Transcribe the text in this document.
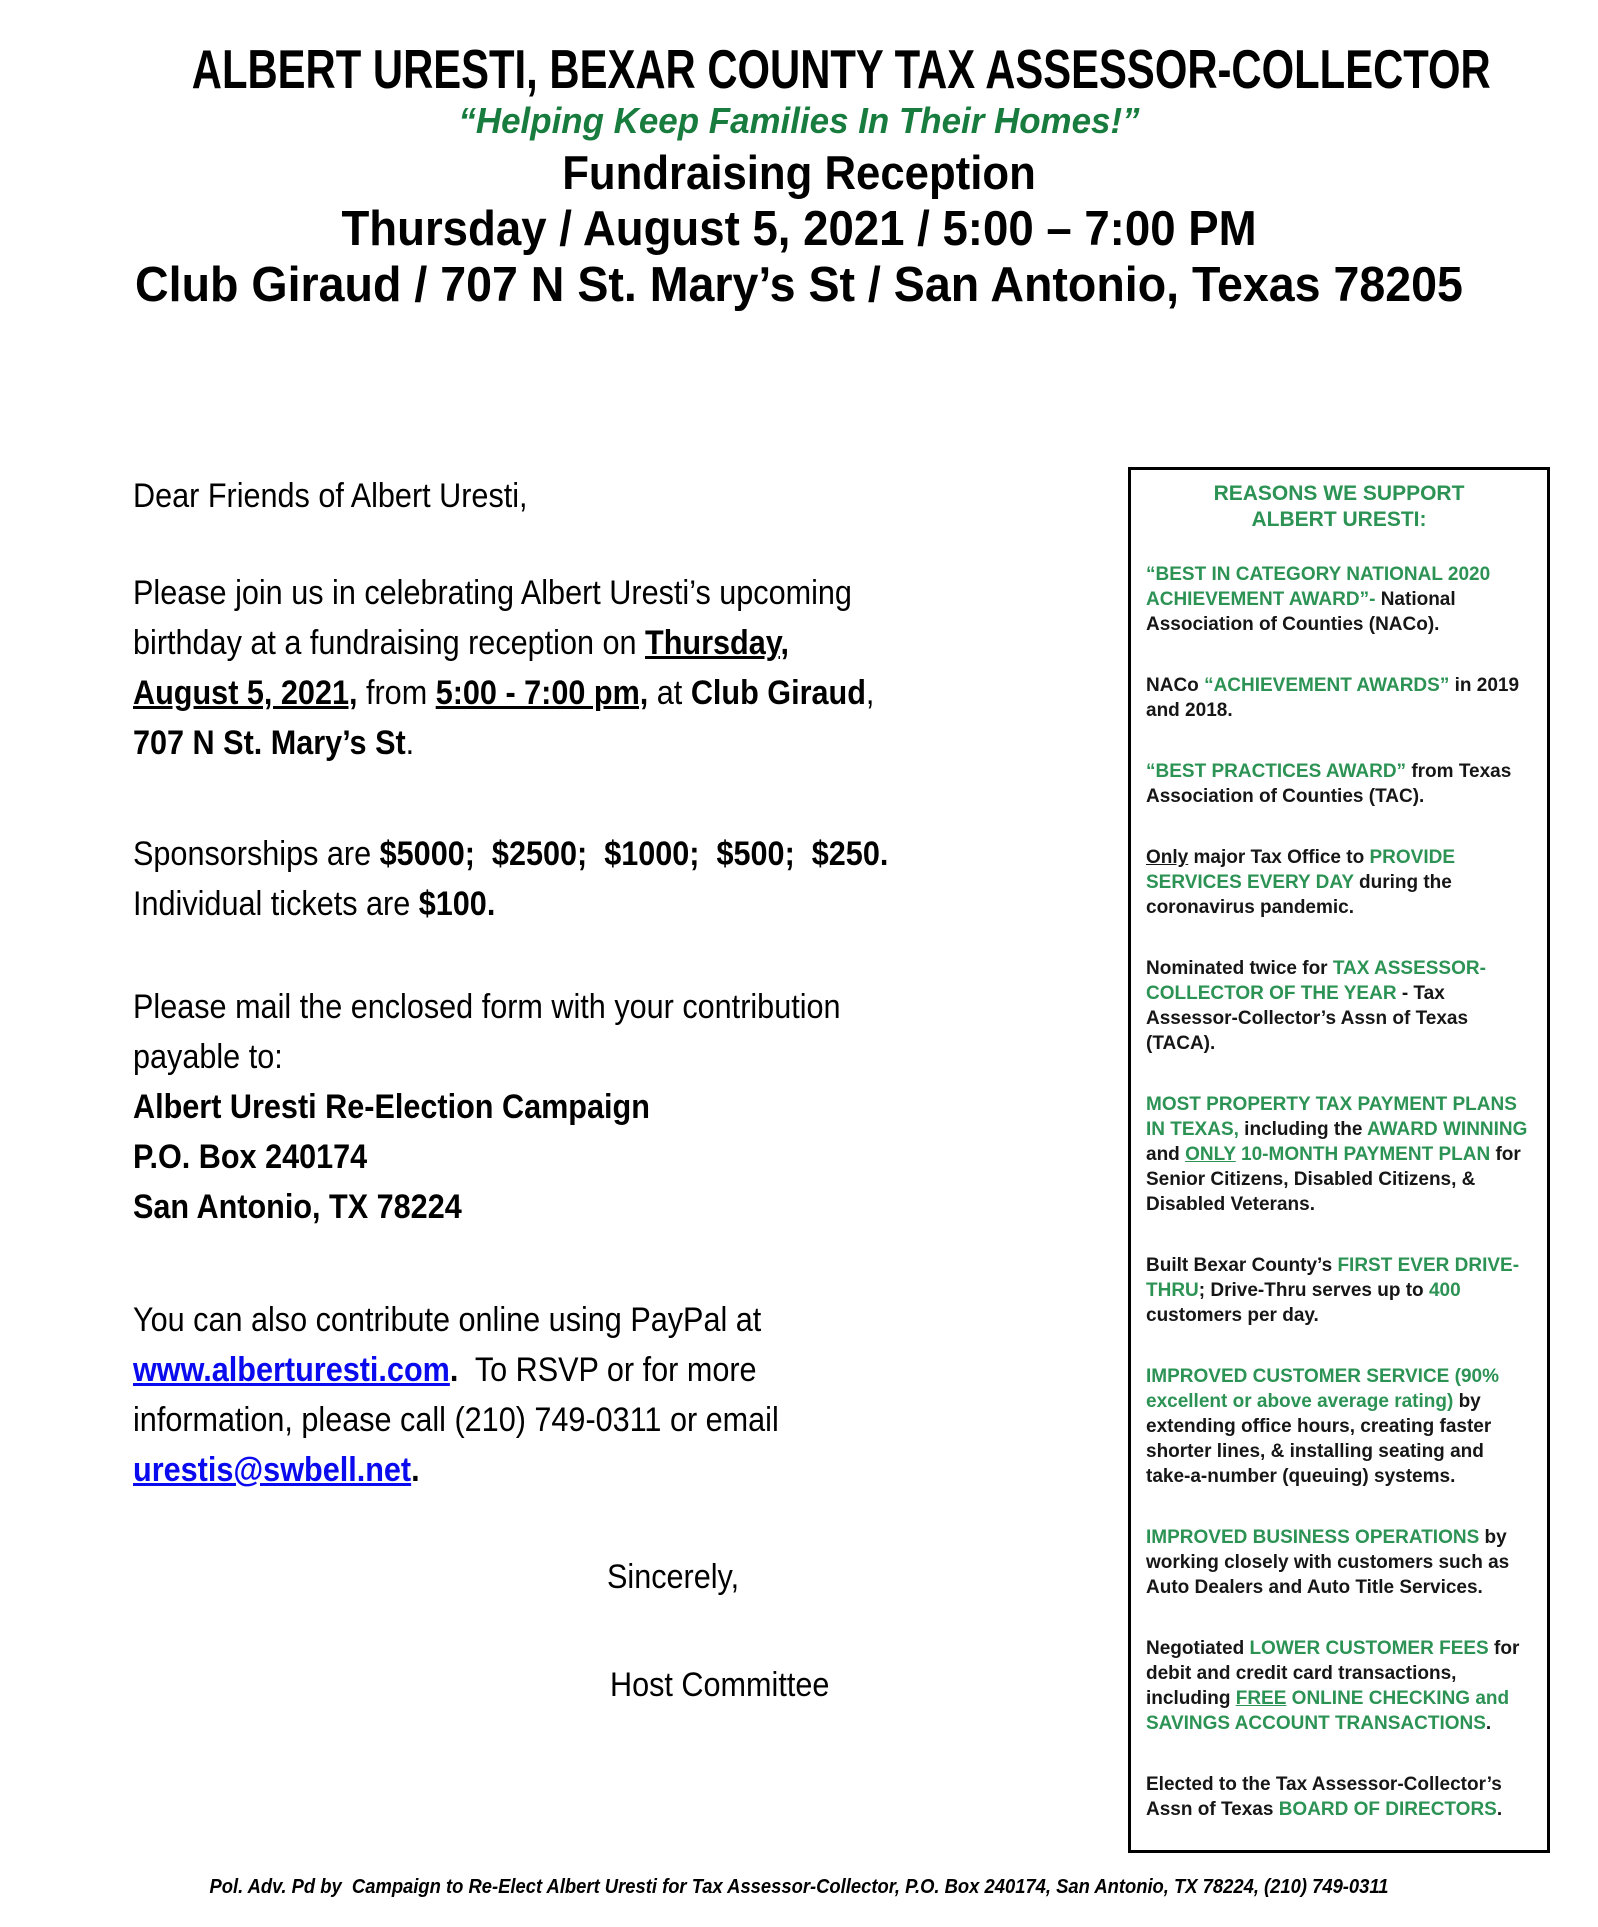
ALBERT URESTI, BEXAR COUNTY TAX ASSESSOR-COLLECTOR
“Helping Keep Families In Their Homes!”
Fundraising Reception
Thursday / August 5, 2021 / 5:00 – 7:00 PM
Club Giraud / 707 N St. Mary’s St / San Antonio, Texas 78205
Dear Friends of Albert Uresti,
Please join us in celebrating Albert Uresti’s upcoming
birthday at a fundraising reception on Thursday,
August 5, 2021, from 5:00 - 7:00 pm, at Club Giraud,
707 N St. Mary’s St.
Sponsorships are $5000;  $2500;  $1000;  $500;  $250.
Individual tickets are $100.
Please mail the enclosed form with your contribution
payable to:
Albert Uresti Re-Election Campaign
P.O. Box 240174
San Antonio, TX 78224
You can also contribute online using PayPal at
www.alberturesti.com.  To RSVP or for more
information, please call (210) 749-0311 or email
urestis@swbell.net.
Sincerely,
Host Committee
REASONS WE SUPPORT
ALBERT URESTI:

“BEST IN CATEGORY NATIONAL 2020 ACHIEVEMENT AWARD”- National Association of Counties (NACo).

NACo “ACHIEVEMENT AWARDS” in 2019 and 2018.

“BEST PRACTICES AWARD” from Texas Association of Counties (TAC).

Only major Tax Office to PROVIDE SERVICES EVERY DAY during the coronavirus pandemic.

Nominated twice for TAX ASSESSOR-COLLECTOR OF THE YEAR - Tax Assessor-Collector’s Assn of Texas (TACA).

MOST PROPERTY TAX PAYMENT PLANS IN TEXAS, including the AWARD WINNING and ONLY 10-MONTH PAYMENT PLAN for Senior Citizens, Disabled Citizens, & Disabled Veterans.

Built Bexar County’s FIRST EVER DRIVE-THRU; Drive-Thru serves up to 400 customers per day.

IMPROVED CUSTOMER SERVICE (90% excellent or above average rating) by extending office hours, creating faster shorter lines, & installing seating and take-a-number (queuing) systems.

IMPROVED BUSINESS OPERATIONS by working closely with customers such as Auto Dealers and Auto Title Services.

Negotiated LOWER CUSTOMER FEES for debit and credit card transactions, including FREE ONLINE CHECKING and SAVINGS ACCOUNT TRANSACTIONS.

Elected to the Tax Assessor-Collector’s Assn of Texas BOARD OF DIRECTORS.

Pol. Adv. Pd by  Campaign to Re-Elect Albert Uresti for Tax Assessor-Collector, P.O. Box 240174, San Antonio, TX 78224, (210) 749-0311
